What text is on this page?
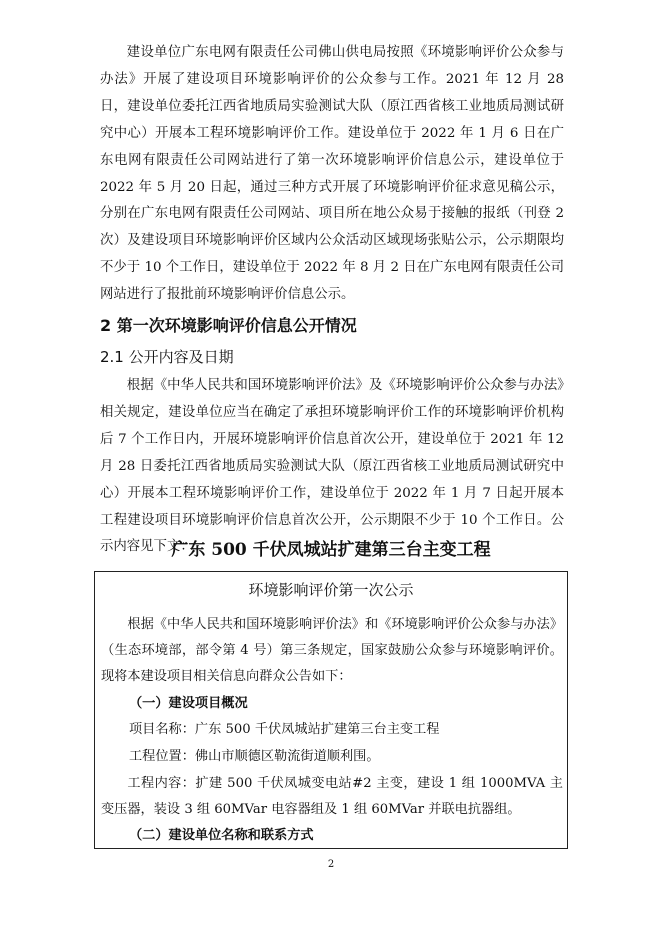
建设单位广东电网有限责任公司佛山供电局按照《环境影响评价公众参与办法》开展了建设项目环境影响评价的公众参与工作。2021 年 12 月 28 日，建设单位委托江西省地质局实验测试大队（原江西省核工业地质局测试研究中心）开展本工程环境影响评价工作。建设单位于 2022 年 1 月 6 日在广东电网有限责任公司网站进行了第一次环境影响评价信息公示，建设单位于 2022 年 5 月 20 日起，通过三种方式开展了环境影响评价征求意见稿公示，分别在广东电网有限责任公司网站、项目所在地公众易于接触的报纸（刊登 2 次）及建设项目环境影响评价区域内公众活动区域现场张贴公示，公示期限均不少于 10 个工作日，建设单位于 2022 年 8 月 2 日在广东电网有限责任公司网站进行了报批前环境影响评价信息公示。

2 第一次环境影响评价信息公开情况
2.1 公开内容及日期

根据《中华人民共和国环境影响评价法》及《环境影响评价公众参与办法》相关规定，建设单位应当在确定了承担环境影响评价工作的环境影响评价机构后 7 个工作日内，开展环境影响评价信息首次公开，建设单位于 2021 年 12 月 28 日委托江西省地质局实验测试大队（原江西省核工业地质局测试研究中心）开展本工程环境影响评价工作，建设单位于 2022 年 1 月 7 日起开展本工程建设项目环境影响评价信息首次公开，公示期限不少于 10 个工作日。公示内容见下文：

广东 500 千伏凤城站扩建第三台主变工程

环境影响评价第一次公示

根据《中华人民共和国环境影响评价法》和《环境影响评价公众参与办法》（生态环境部，部令第 4 号）第三条规定，国家鼓励公众参与环境影响评价。现将本建设项目相关信息向群众公告如下：

（一）建设项目概况

项目名称：广东 500 千伏凤城站扩建第三台主变工程

工程位置：佛山市顺德区勒流街道顺利围。

工程内容：扩建 500 千伏凤城变电站#2 主变，建设 1 组 1000MVA 主变压器，装设 3 组 60MVar 电容器组及 1 组 60MVar 并联电抗器组。

（二）建设单位名称和联系方式

2
